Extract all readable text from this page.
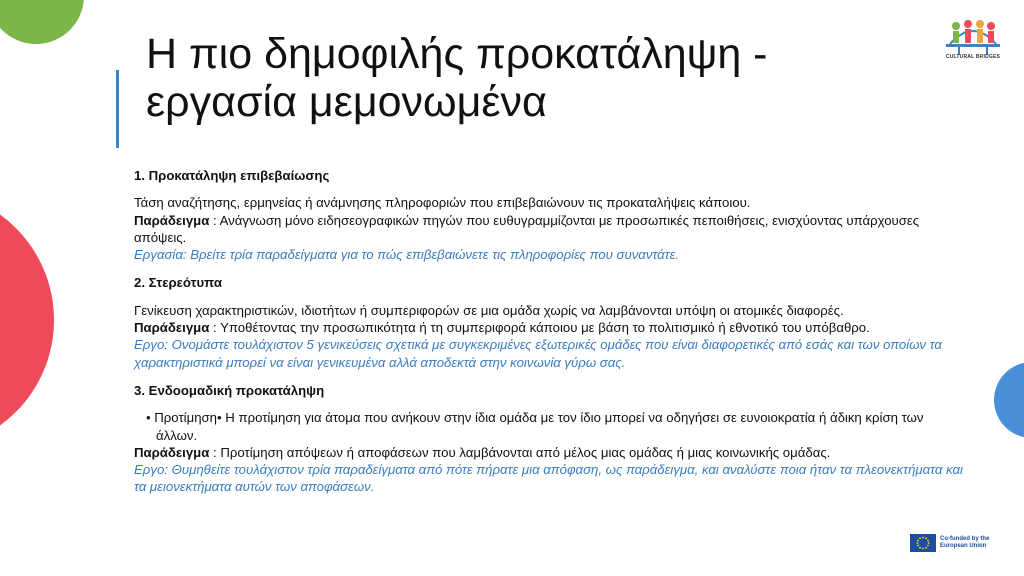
Η πιο δημοφιλής προκατάληψη - εργασία μεμονωμένα
CULTURAL BRIDGES

1. Προκατάληψη επιβεβαίωσης

Τάση αναζήτησης, ερμηνείας ή ανάμνησης πληροφοριών που επιβεβαιώνουν τις προκαταλήψεις κάποιου.

Παράδειγμα : Ανάγνωση μόνο ειδησεογραφικών πηγών που ευθυγραμμίζονται με προσωπικές πεποιθήσεις, ενισχύοντας υπάρχουσες απόψεις.

Εργασία: Βρείτε τρία παραδείγματα για το πώς επιβεβαιώνετε τις πληροφορίες που συναντάτε.

2. Στερεότυπα

Γενίκευση χαρακτηριστικών, ιδιοτήτων ή συμπεριφορών σε μια ομάδα χωρίς να λαμβάνονται υπόψη οι ατομικές διαφορές.

Παράδειγμα : Υποθέτοντας την προσωπικότητα ή τη συμπεριφορά κάποιου με βάση το πολιτισμικό ή εθνοτικό του υπόβαθρο.

Εργο: Ονομάστε τουλάχιστον 5 γενικεύσεις σχετικά με συγκεκριμένες εξωτερικές ομάδες που είναι διαφορετικές από εσάς και των οποίων τα χαρακτηριστικά μπορεί να είναι γενικευμένα αλλά αποδεκτά στην κοινωνία γύρω σας.

3. Ενδοομαδική προκατάληψη

• Προτίμηση• Η προτίμηση για άτομα που ανήκουν στην ίδια ομάδα με τον ίδιο μπορεί να οδηγήσει σε ευνοιοκρατία ή άδικη κρίση των άλλων.

Παράδειγμα : Προτίμηση απόψεων ή αποφάσεων που λαμβάνονται από μέλος μιας ομάδας ή μιας κοινωνικής ομάδας.

Εργο: Θυμηθείτε τουλάχιστον τρία παραδείγματα από πότε πήρατε μια απόφαση, ως παράδειγμα, και αναλύστε ποια ήταν τα πλεονεκτήματα και τα μειονεκτήματα αυτών των αποφάσεων.

Co-funded by the European Union
